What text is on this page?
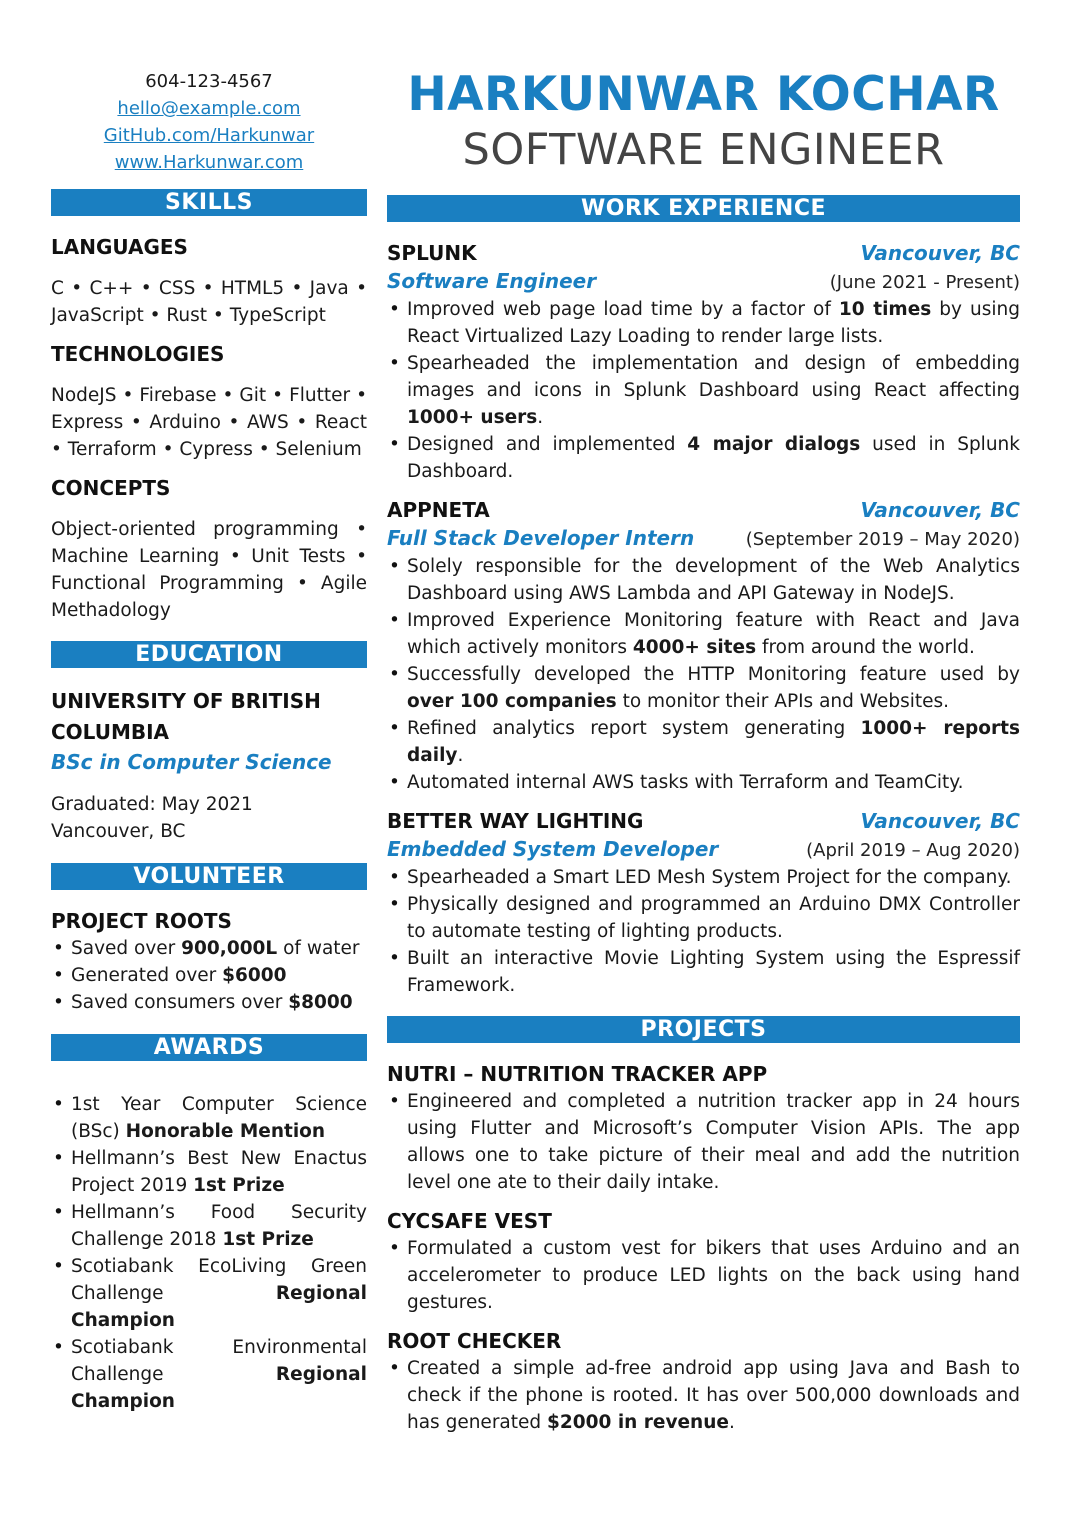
604-123-4567
hello@example.com
GitHub.com/Harkunwar
www.Harkunwar.com
SKILLS
LANGUAGES
C • C++ • CSS • HTML5 • Java • JavaScript • Rust • TypeScript
TECHNOLOGIES
NodeJS • Firebase • Git • Flutter • Express • Arduino • AWS • React • Terraform • Cypress • Selenium
CONCEPTS
Object-oriented programming • Machine Learning • Unit Tests • Functional Programming • Agile Methadology
EDUCATION
UNIVERSITY OF BRITISH COLUMBIA
BSc in Computer Science
Graduated: May 2021
Vancouver, BC
VOLUNTEER
PROJECT ROOTS
• Saved over 900,000L of water
• Generated over $6000
• Saved consumers over $8000
AWARDS
• 1st Year Computer Science (BSc) Honorable Mention
• Hellmann’s Best New Enactus Project 2019 1st Prize
• Hellmann’s Food Security Challenge 2018 1st Prize
• Scotiabank EcoLiving Green Challenge Regional Champion
• Scotiabank Environmental Challenge Regional Champion
HARKUNWAR KOCHAR
SOFTWARE ENGINEER
WORK EXPERIENCE
SPLUNK	Vancouver, BC
Software Engineer	(June 2021 - Present)
• Improved web page load time by a factor of 10 times by using React Virtualized Lazy Loading to render large lists.
• Spearheaded the implementation and design of embedding images and icons in Splunk Dashboard using React affecting 1000+ users.
• Designed and implemented 4 major dialogs used in Splunk Dashboard.
APPNETA	Vancouver, BC
Full Stack Developer Intern	(September 2019 – May 2020)
• Solely responsible for the development of the Web Analytics Dashboard using AWS Lambda and API Gateway in NodeJS.
• Improved Experience Monitoring feature with React and Java which actively monitors 4000+ sites from around the world.
• Successfully developed the HTTP Monitoring feature used by over 100 companies to monitor their APIs and Websites.
• Refined analytics report system generating 1000+ reports daily.
• Automated internal AWS tasks with Terraform and TeamCity.
BETTER WAY LIGHTING	Vancouver, BC
Embedded System Developer	(April 2019 – Aug 2020)
• Spearheaded a Smart LED Mesh System Project for the company.
• Physically designed and programmed an Arduino DMX Controller to automate testing of lighting products.
• Built an interactive Movie Lighting System using the Espressif Framework.
PROJECTS
NUTRI – NUTRITION TRACKER APP
• Engineered and completed a nutrition tracker app in 24 hours using Flutter and Microsoft’s Computer Vision APIs. The app allows one to take picture of their meal and add the nutrition level one ate to their daily intake.
CYCSAFE VEST
• Formulated a custom vest for bikers that uses Arduino and an accelerometer to produce LED lights on the back using hand gestures.
ROOT CHECKER
• Created a simple ad-free android app using Java and Bash to check if the phone is rooted. It has over 500,000 downloads and has generated $2000 in revenue.
